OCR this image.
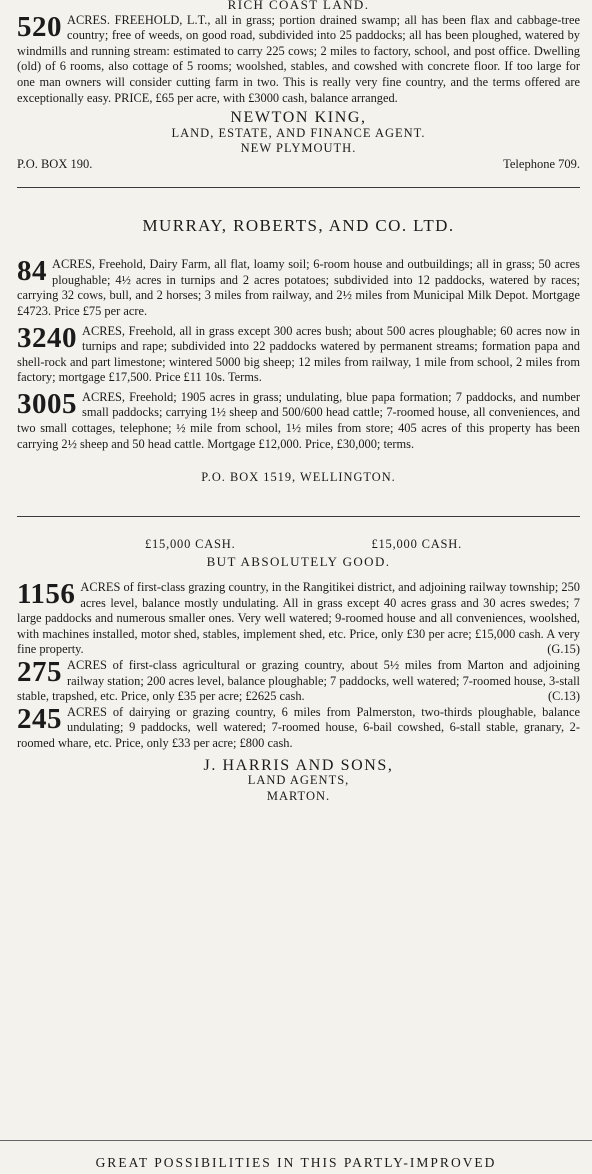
RICH COAST LAND.

520 ACRES. FREEHOLD, L.T., all in grass; portion drained swamp; all has been flax and cabbage-tree country; free of weeds, on good road, subdivided into 25 paddocks; all has been ploughed, watered by windmills and running stream: estimated to carry 225 cows; 2 miles to factory, school, and post office. Dwelling (old) of 6 rooms, also cottage of 5 rooms; woolshed, stables, and cowshed with concrete floor. If too large for one man owners will consider cutting farm in two. This is really very fine country, and the terms offered are exceptionally easy. PRICE, £65 per acre, with £3000 cash, balance arranged.

NEWTON KING,
LAND, ESTATE, AND FINANCE AGENT.
NEW PLYMOUTH.
P.O. BOX 190.	Telephone 709.
MURRAY, ROBERTS, AND CO. LTD.

84 ACRES, Freehold, Dairy Farm, all flat, loamy soil; 6-room house and outbuildings; all in grass; 50 acres ploughable; 4½ acres in turnips and 2 acres potatoes; subdivided into 12 paddocks, watered by races; carrying 32 cows, bull, and 2 horses; 3 miles from railway, and 2½ miles from Municipal Milk Depot. Mortgage £4723. Price £75 per acre.

3240 ACRES, Freehold, all in grass except 300 acres bush; about 500 acres ploughable; 60 acres now in turnips and rape; subdivided into 22 paddocks watered by permanent streams; formation papa and shell-rock and part limestone; wintered 5000 big sheep; 12 miles from railway, 1 mile from school, 2 miles from factory; mortgage £17,500. Price £11 10s. Terms.

3005 ACRES, Freehold; 1905 acres in grass; undulating, blue papa formation; 7 paddocks, and number small paddocks; carrying 1½ sheep and 500/600 head cattle; 7-roomed house, all conveniences, and two small cottages, telephone; ½ mile from school, 1½ miles from store; 405 acres of this property has been carrying 2½ sheep and 50 head cattle. Mortgage £12,000. Price, £30,000; terms.

P.O. BOX 1519, WELLINGTON.
£15,000 CASH.	£15,000 CASH.
BUT ABSOLUTELY GOOD.

1156 ACRES of first-class grazing country, in the Rangitikei district, and adjoining railway township; 250 acres level, balance mostly undulating. All in grass except 40 acres grass and 30 acres swedes; 7 large paddocks and numerous smaller ones. Very well watered; 9-roomed house and all conveniences, woolshed, with machines installed, motor shed, stables, implement shed, etc. Price, only £30 per acre; £15,000 cash. A very fine property.	(G.15)

275 ACRES of first-class agricultural or grazing country, about 5½ miles from Marton and adjoining railway station; 200 acres level, balance ploughable; 7 paddocks, well watered; 7-roomed house, 3-stall stable, trapshed, etc. Price, only £35 per acre; £2625 cash.	(C.13)

245 ACRES of dairying or grazing country, 6 miles from Palmerston, two-thirds ploughable, balance undulating; 9 paddocks, well watered; 7-roomed house, 6-bail cowshed, 6-stall stable, granary, 2-roomed whare, etc. Price, only £33 per acre; £800 cash.

J. HARRIS AND SONS,
LAND AGENTS,
MARTON.
GREAT POSSIBILITIES IN THIS PARTLY-IMPROVED
